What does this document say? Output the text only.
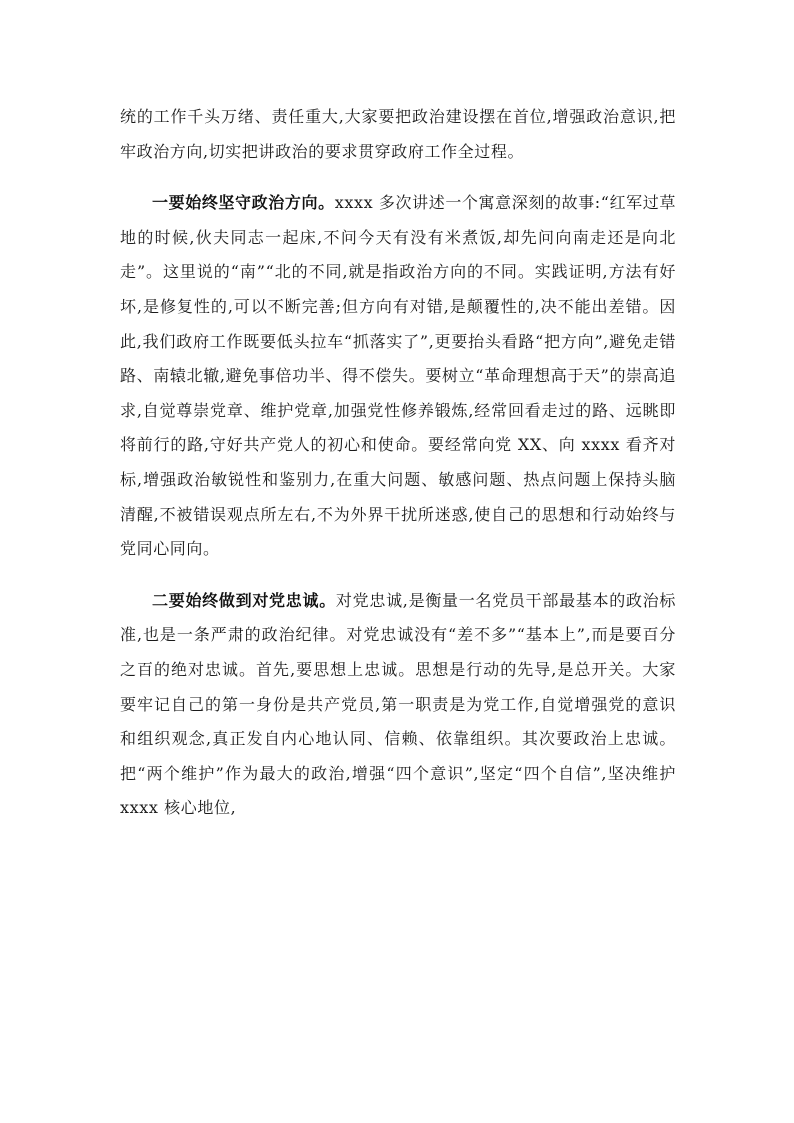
统的工作千头万绪、责任重大,大家要把政治建设摆在首位,增强政治意识,把牢政治方向,切实把讲政治的要求贯穿政府工作全过程。

一要始终坚守政治方向。xxxx 多次讲述一个寓意深刻的故事:“红军过草地的时候,伙夫同志一起床,不问今天有没有米煮饭,却先问向南走还是向北走”。这里说的“南”“北的不同,就是指政治方向的不同。实践证明,方法有好坏,是修复性的,可以不断完善;但方向有对错,是颠覆性的,决不能出差错。因此,我们政府工作既要低头拉车“抓落实了”,更要抬头看路“把方向”,避免走错路、南辕北辙,避免事倍功半、得不偿失。要树立“革命理想高于天”的崇高追求,自觉尊崇党章、维护党章,加强党性修养锻炼,经常回看走过的路、远眺即将前行的路,守好共产党人的初心和使命。要经常向党 XX、向 xxxx 看齐对标,增强政治敏锐性和鉴别力,在重大问题、敏感问题、热点问题上保持头脑清醒,不被错误观点所左右,不为外界干扰所迷惑,使自己的思想和行动始终与党同心同向。

二要始终做到对党忠诚。对党忠诚,是衡量一名党员干部最基本的政治标准,也是一条严肃的政治纪律。对党忠诚没有“差不多”“基本上”,而是要百分之百的绝对忠诚。首先,要思想上忠诚。思想是行动的先导,是总开关。大家要牢记自己的第一身份是共产党员,第一职责是为党工作,自觉增强党的意识和组织观念,真正发自内心地认同、信赖、依靠组织。其次要政治上忠诚。把“两个维护”作为最大的政治,增强“四个意识”,坚定“四个自信”,坚决维护 xxxx 核心地位,
